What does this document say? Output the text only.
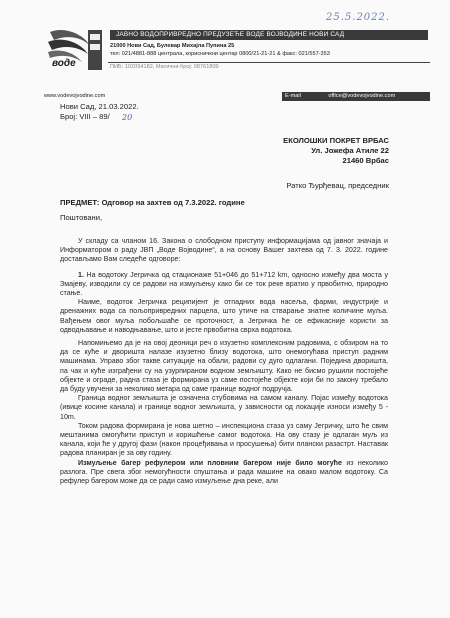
25.5.2022.
воде
ЈАВНО ВОДОПРИВРЕДНО ПРЕДУЗЕЋЕ ВОДЕ ВОЈВОДИНЕ НОВИ САД
21000 Нови Сад, Булевар Михајла Пупина 25
тел: 021/4881-888 централа, корисничкни центар 0800/21-21-21 & факс: 021/557-353
ПИБ: 102094182, Матични број: 08761809
www.vodevojvodine.com	E-mail	office@vodevojvodine.com
Нови Сад, 21.03.2022.
Број: VIII – 89/ 20
ЕКОЛОШКИ ПОКРЕТ ВРБАС
Ул. Јожефа Атиле 22
21460 Врбас
Ратко Ђурђевац, председник
ПРЕДМЕТ: Одговор на захтев од 7.3.2022. године
Поштовани,

У складу са чланом 16. Закона о слободном приступу информацијама од јавног значаја и Информатором о раду ЈВП „Воде Војводине“, а на основу Вашег захтева од 7. 3. 2022. године достављамо Вам следеће одговоре:

1. На водотоку Јегричка од стационаже 51+046 до 51+712 km, односно између два моста у Змајеву, изводили су се радови на измуљењу како би се ток реке вратио у првобитно, природно стање.

Наиме, водоток Јегричка реципијент је отпадних вода насеља, фарми, индустрије и дренажних вода са пољопривредних парцела, што утиче на стварање знатне количине муља. Вађењем овог муља побољшаће се проточност, а Јегричка ће се ефикасније користи за одводњавање и наводњавање, што и јесте првобитна сврха водотока.

Напомињемо да је на овој деоници реч о изузетно комплексним радовима, с обзиром на то да се куће и дворишта налазе изузетно близу водотока, што онемогућава приступ радним машинама. Управо због такве ситуације на обали, радови су дуго одлагани. Поједина дворишта, па чак и куће изграђени су на узурпираном водном земљишту. Како не бисмо рушили постојеће објекте и ограде, радна стаза је формирана уз саме постојеће објекте који би по закону требало да буду увучени за неколико метара од саме границе водног подручја.

Граница водног земљишта је означена стубовима на самом каналу. Појас између водотока (ивице косине канала) и границе водног земљишта, у зависности од локације износи између 5 - 10m.

Током радова формирана је нова шетно – инспекциона стаза уз саму Јегричку, што ће свим мештанима омогућити приступ и коришћење самог водотока. На ову стазу је одлаган муљ из канала, који ће у другој фази (након процеђивања и просушења) бити плански разастрт. Наставак радова планиран је за ову годину.

Измуљење багер рефулером или пловним багером није било могуће из неколико разлога. Пре свега због немогућности спуштања и рада машине на овако малом водотоку. Са рефулер багером може да се ради само измуљење дна реке, али
